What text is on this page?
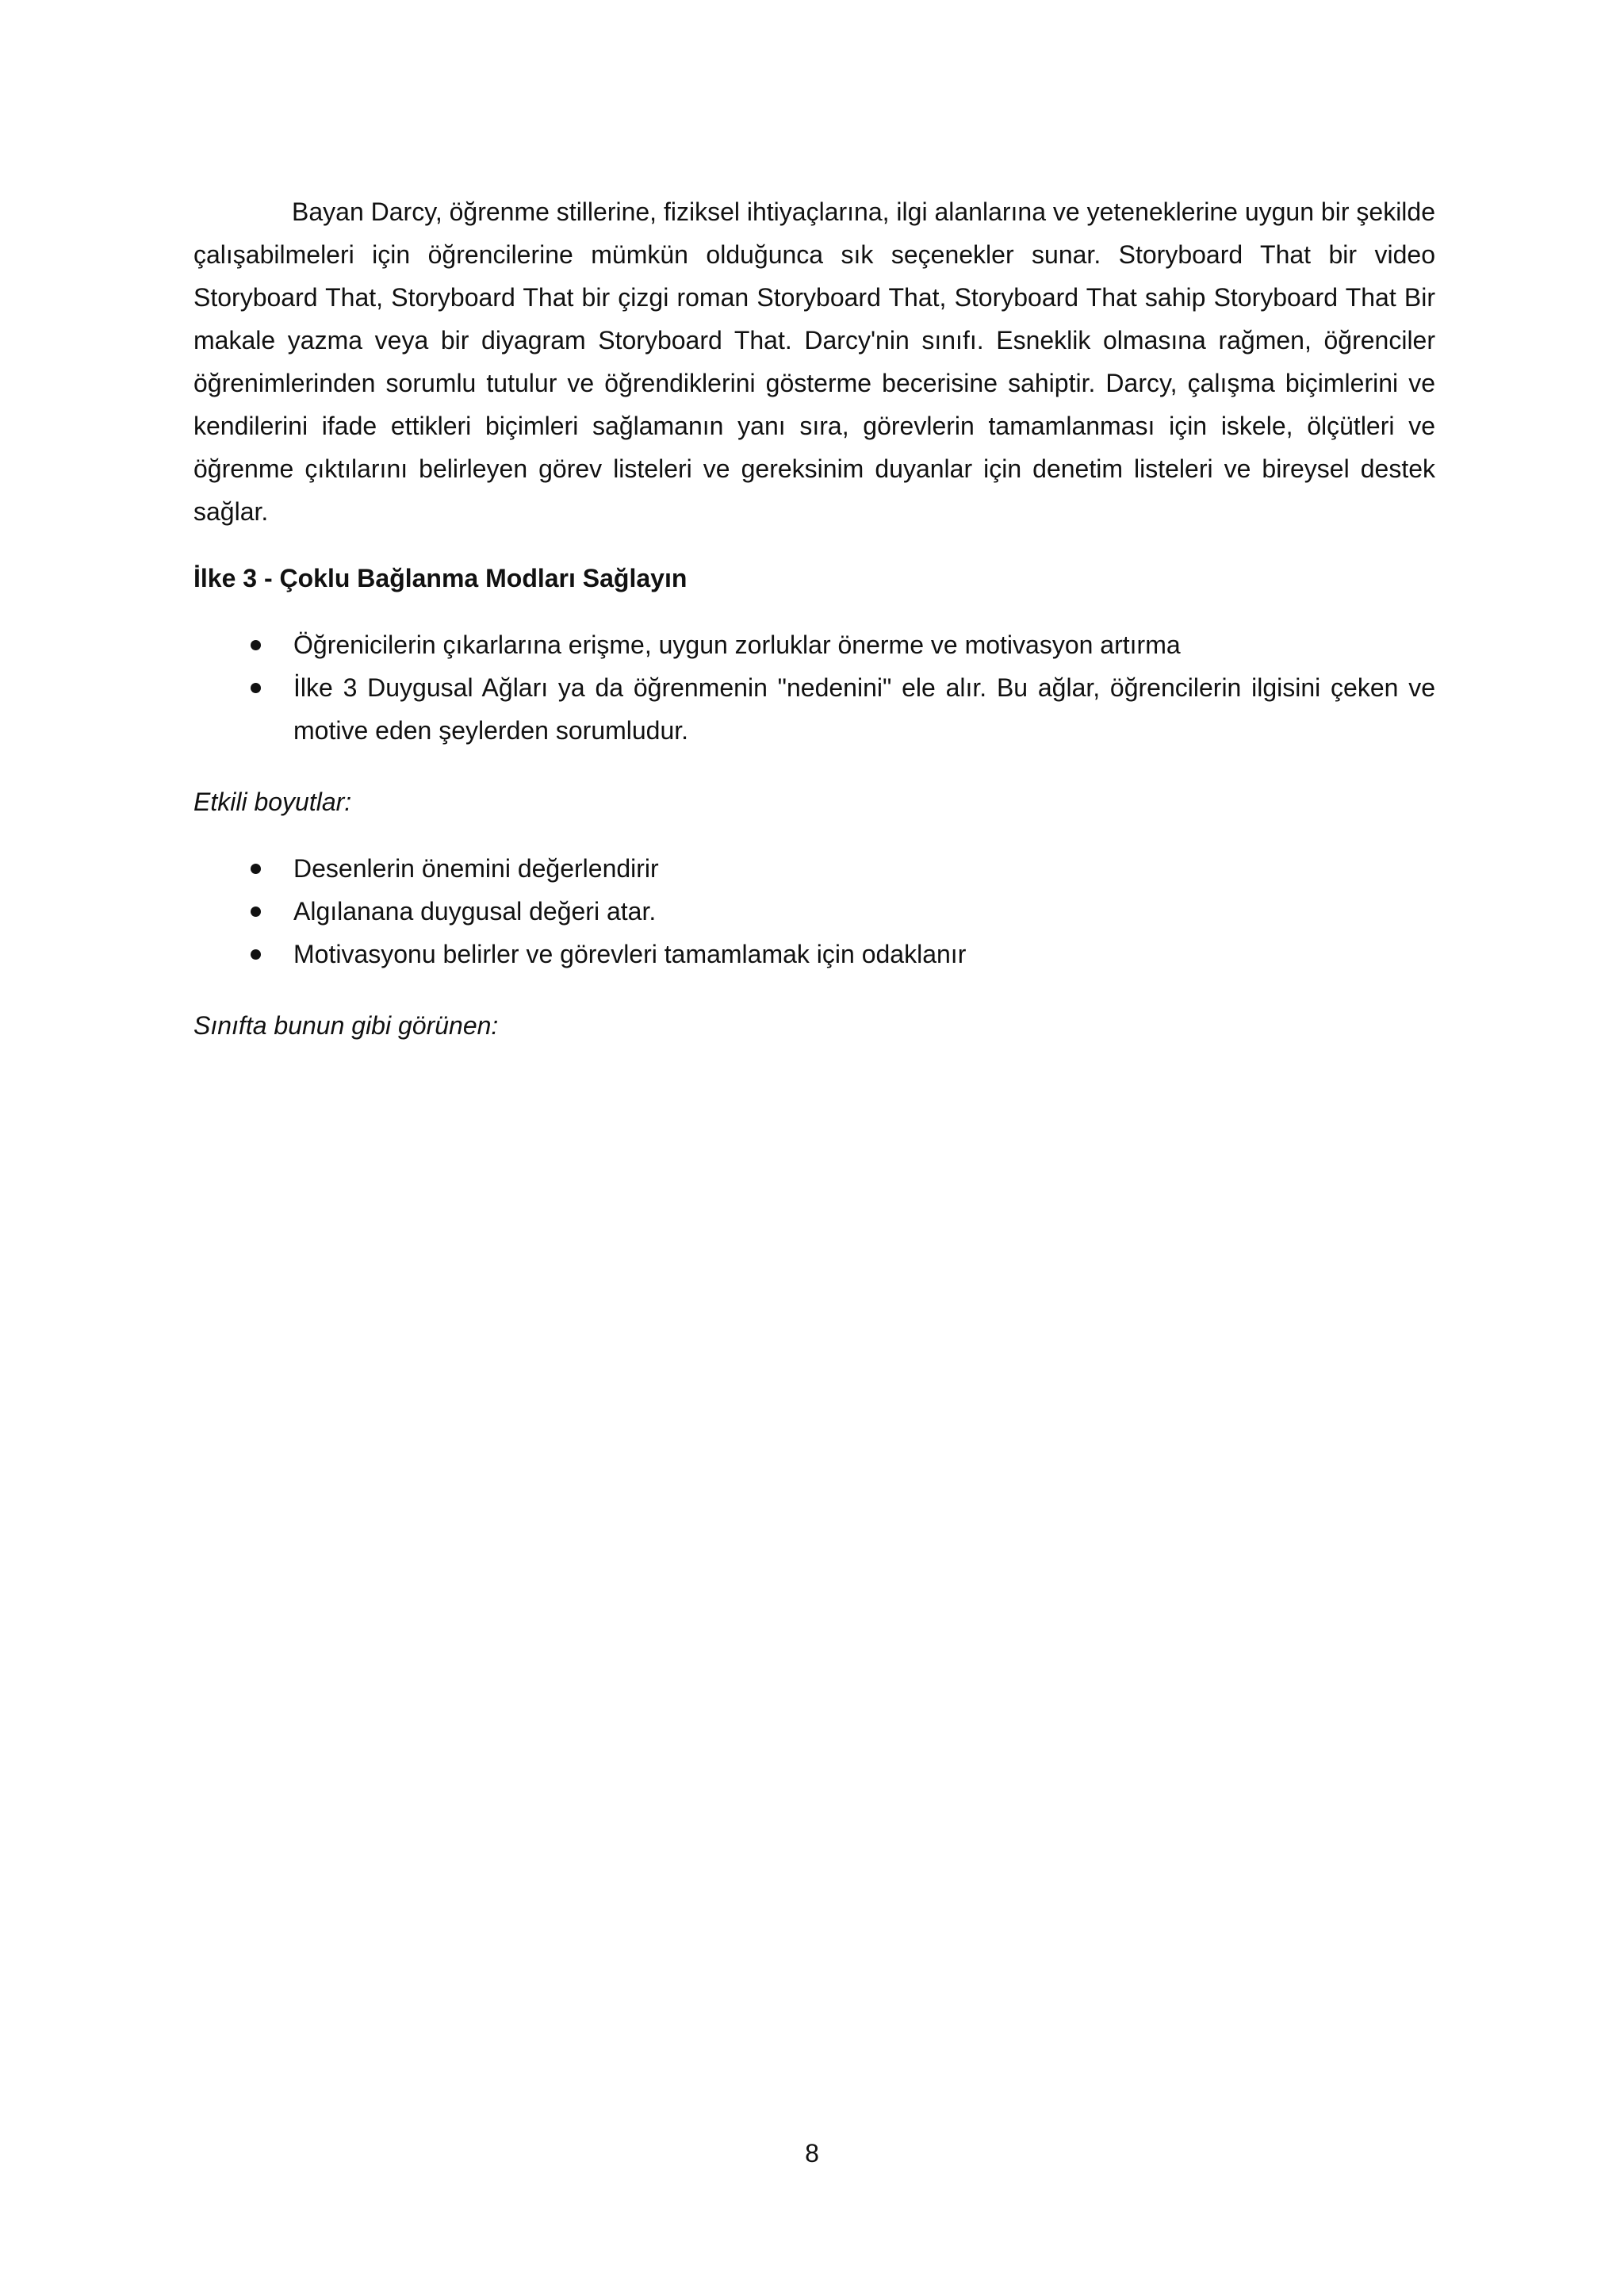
Bayan Darcy, öğrenme stillerine, fiziksel ihtiyaçlarına, ilgi alanlarına ve yeteneklerine uygun bir şekilde çalışabilmeleri için öğrencilerine mümkün olduğunca sık seçenekler sunar. Storyboard That bir video Storyboard That, Storyboard That bir çizgi roman Storyboard That, Storyboard That sahip Storyboard That Bir makale yazma veya bir diyagram Storyboard That. Darcy'nin sınıfı. Esneklik olmasına rağmen, öğrenciler öğrenimlerinden sorumlu tutulur ve öğrendiklerini gösterme becerisine sahiptir. Darcy, çalışma biçimlerini ve kendilerini ifade ettikleri biçimleri sağlamanın yanı sıra, görevlerin tamamlanması için iskele, ölçütleri ve öğrenme çıktılarını belirleyen görev listeleri ve gereksinim duyanlar için denetim listeleri ve bireysel destek sağlar.

İlke 3 - Çoklu Bağlanma Modları Sağlayın
Öğrenicilerin çıkarlarına erişme, uygun zorluklar önerme ve motivasyon artırma
İlke 3 Duygusal Ağları ya da öğrenmenin "nedenini" ele alır. Bu ağlar, öğrencilerin ilgisini çeken ve motive eden şeylerden sorumludur.
Etkili boyutlar:
Desenlerin önemini değerlendirir
Algılanana duygusal değeri atar.
Motivasyonu belirler ve görevleri tamamlamak için odaklanır
Sınıfta bunun gibi görünen:
8
